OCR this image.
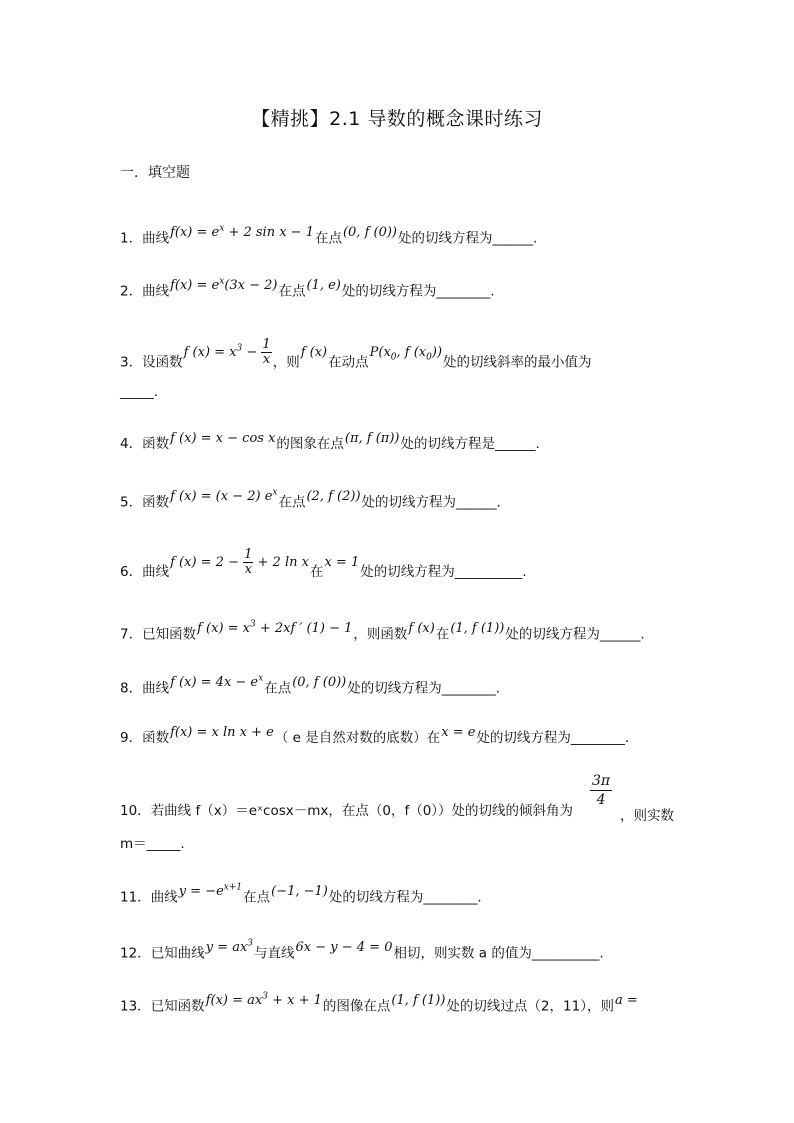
【精挑】2.1 导数的概念课时练习
一．填空题
1．曲线$f(x) = e^x + 2$ sin x − 1在点(0, f (0))处的切线方程为______.
2．曲线$f(x) = e^x(3x - 2)$在点(1, e)处的切线方程为________.
3．设函数f $(x) = x^3 - \frac{1}{x}$ ，则f (x)在动点$P(x_0$, f $(x_0)$)处的切线斜率的最小值为
_____.
4．函数f (x) = x − cos x的图象在点(π, f (π))处的切线方程是______.
5．函数f (x) = (x − 2) $e^x$在点(2, f (2))处的切线方程为______.
6．曲线f $(x) = 2 - \frac{1}{x} + 2$ ln x在x = 1处的切线方程为__________.
7．已知函数f $(x) = x^3 + 2xf$ ′ (1) − 1，则函数f (x)在(1, f (1))处的切线方程为______.
8．曲线f $(x) = 4x - e^x$在点(0, f (0))处的切线方程为________.
9．函数f(x) = x ln x + e（ e 是自然对数的底数）在x = e处的切线方程为________.
10．若曲线 f（x）＝eˣcosx－mx，在点（0，f（0））处的切线的倾斜角为
$\frac{3\pi}{4}$
，则实数
m＝_____.
11．曲线$y = -e^{x+1}$在点(−1, −1)处的切线方程为________.
12．已知曲线$y = ax^3$与直线6x − y − 4 = 0相切，则实数 a 的值为__________.
13．已知函数$f(x) = ax^3 + x + 1$的图像在点(1, f (1))处的切线过点（2，11），则a =
